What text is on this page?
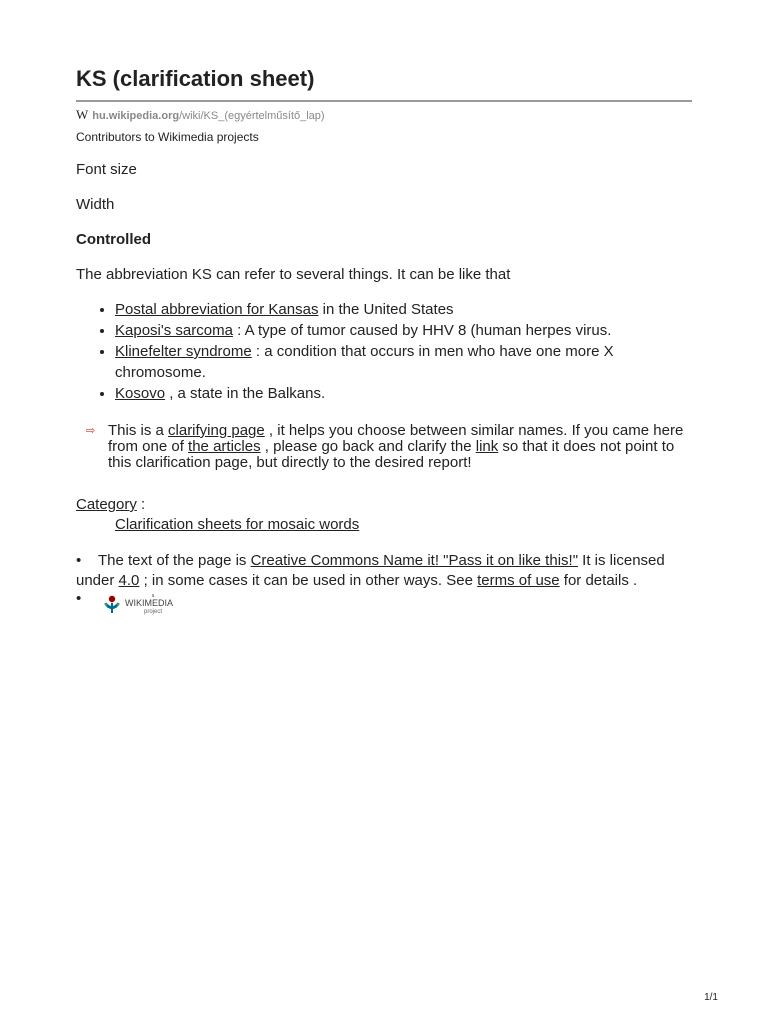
KS (clarification sheet)
W hu.wikipedia.org/wiki/KS_(egyértelműsítő_lap)
Contributors to Wikimedia projects
Font size
Width
Controlled
The abbreviation KS can refer to several things. It can be like that
• Postal abbreviation for Kansas in the United States
• Kaposi's sarcoma : A type of tumor caused by HHV 8 (human herpes virus.
• Klinefelter syndrome : a condition that occurs in men who have one more X chromosome.
• Kosovo , a state in the Balkans.
⇨ This is a clarifying page , it helps you choose between similar names. If you came here from one of the articles , please go back and clarify the link so that it does not point to this clarification page, but directly to the desired report!
Category :
Clarification sheets for mosaic words
• The text of the page is Creative Commons Name it! "Pass it on like this!" It is licensed under 4.0 ; in some cases it can be used in other ways. See terms of use for details .
•	a
WIKIMEDIA
project
1/1
